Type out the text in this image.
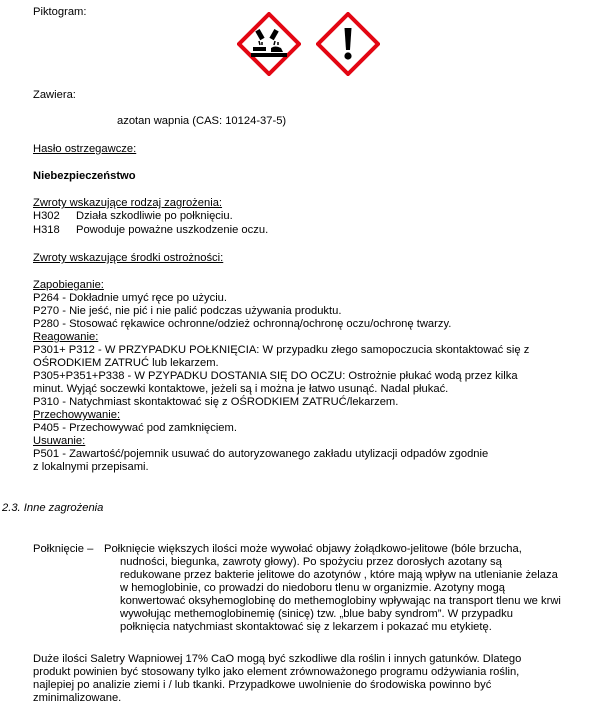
Piktogram:
Zawiera:
azotan wapnia (CAS: 10124-37-5)
Hasło ostrzegawcze:
Niebezpieczeństwo
Zwroty wskazujące rodzaj zagrożenia:
H302 Działa szkodliwie po połknięciu.
H318 Powoduje poważne uszkodzenie oczu.
Zwroty wskazujące środki ostrożności:
Zapobieganie:
P264 - Dokładnie umyć ręce po użyciu.
P270 - Nie jeść, nie pić i nie palić podczas używania produktu.
P280 - Stosować rękawice ochronne/odzież ochronną/ochronę oczu/ochronę twarzy.
Reagowanie:
P301+ P312 - W PRZYPADKU POŁKNIĘCIA: W przypadku złego samopoczucia skontaktować się z
OŚRODKIEM ZATRUĆ lub lekarzem.
P305+P351+P338 - W PZYPADKU DOSTANIA SIĘ DO OCZU: Ostrożnie płukać wodą przez kilka
minut. Wyjąć soczewki kontaktowe, jeżeli są i można je łatwo usunąć. Nadal płukać.
P310 - Natychmiast skontaktować się z OŚRODKIEM ZATRUĆ/lekarzem.
Przechowywanie:
P405 - Przechowywać pod zamknięciem.
Usuwanie:
P501 - Zawartość/pojemnik usuwać do autoryzowanego zakładu utylizacji odpadów zgodnie
z lokalnymi przepisami.
2.3. Inne zagrożenia
Połknięcie – Połknięcie większych ilości może wywołać objawy żołądkowo-jelitowe (bóle brzucha,
nudności, biegunka, zawroty głowy). Po spożyciu przez dorosłych azotany są
redukowane przez bakterie jelitowe do azotynów , które mają wpływ na utlenianie żelaza
w hemoglobinie, co prowadzi do niedoboru tlenu w organizmie. Azotyny mogą
konwertować oksyhemoglobinę do methemoglobiny wpływając na transport tlenu we krwi
wywołując methemoglobinemię (sinicę) tzw. „blue baby syndrom”. W przypadku
połknięcia natychmiast skontaktować się z lekarzem i pokazać mu etykietę.
Duże ilości Saletry Wapniowej 17% CaO mogą być szkodliwe dla roślin i innych gatunków. Dlatego
produkt powinien być stosowany tylko jako element zrównoważonego programu odżywiania roślin,
najlepiej po analizie ziemi i / lub tkanki. Przypadkowe uwolnienie do środowiska powinno być
zminimalizowane.
